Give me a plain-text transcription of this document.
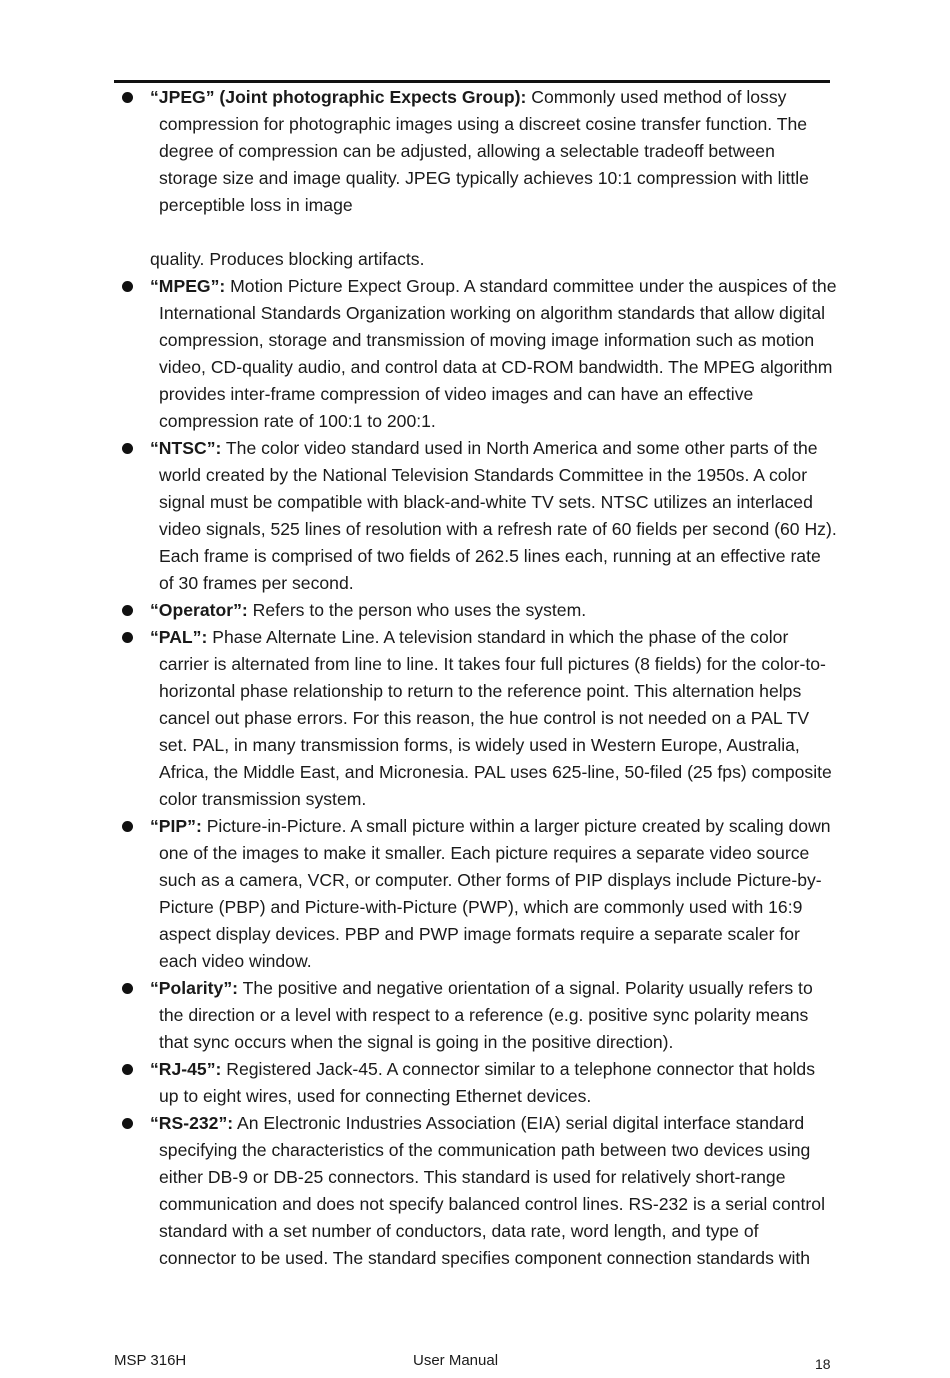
“JPEG” (Joint photographic Expects Group): Commonly used method of lossy compression for photographic images using a discreet cosine transfer function. The degree of compression can be adjusted, allowing a selectable tradeoff between storage size and image quality. JPEG typically achieves 10:1 compression with little perceptible loss in image
quality. Produces blocking artifacts.
“MPEG”: Motion Picture Expect Group. A standard committee under the auspices of the International Standards Organization working on algorithm standards that allow digital compression, storage and transmission of moving image information such as motion video, CD-quality audio, and control data at CD-ROM bandwidth. The MPEG algorithm provides inter-frame compression of video images and can have an effective compression rate of 100:1 to 200:1.
“NTSC”: The color video standard used in North America and some other parts of the world created by the National Television Standards Committee in the 1950s. A color signal must be compatible with black-and-white TV sets. NTSC utilizes an interlaced video signals, 525 lines of resolution with a refresh rate of 60 fields per second (60 Hz). Each frame is comprised of two fields of 262.5 lines each, running at an effective rate of 30 frames per second.
“Operator”: Refers to the person who uses the system.
“PAL”: Phase Alternate Line. A television standard in which the phase of the color carrier is alternated from line to line. It takes four full pictures (8 fields) for the color-to-horizontal phase relationship to return to the reference point. This alternation helps cancel out phase errors. For this reason, the hue control is not needed on a PAL TV set. PAL, in many transmission forms, is widely used in Western Europe, Australia, Africa, the Middle East, and Micronesia. PAL uses 625-line, 50-filed (25 fps) composite color transmission system.
“PIP”: Picture-in-Picture. A small picture within a larger picture created by scaling down one of the images to make it smaller. Each picture requires a separate video source such as a camera, VCR, or computer. Other forms of PIP displays include Picture-by-Picture (PBP) and Picture-with-Picture (PWP), which are commonly used with 16:9 aspect display devices. PBP and PWP image formats require a separate scaler for each video window.
“Polarity”: The positive and negative orientation of a signal. Polarity usually refers to the direction or a level with respect to a reference (e.g. positive sync polarity means that sync occurs when the signal is going in the positive direction).
“RJ-45”: Registered Jack-45. A connector similar to a telephone connector that holds up to eight wires, used for connecting Ethernet devices.
“RS-232”: An Electronic Industries Association (EIA) serial digital interface standard specifying the characteristics of the communication path between two devices using either DB-9 or DB-25 connectors. This standard is used for relatively short-range communication and does not specify balanced control lines. RS-232 is a serial control standard with a set number of conductors, data rate, word length, and type of connector to be used. The standard specifies component connection standards with
MSP 316H	User Manual	18
